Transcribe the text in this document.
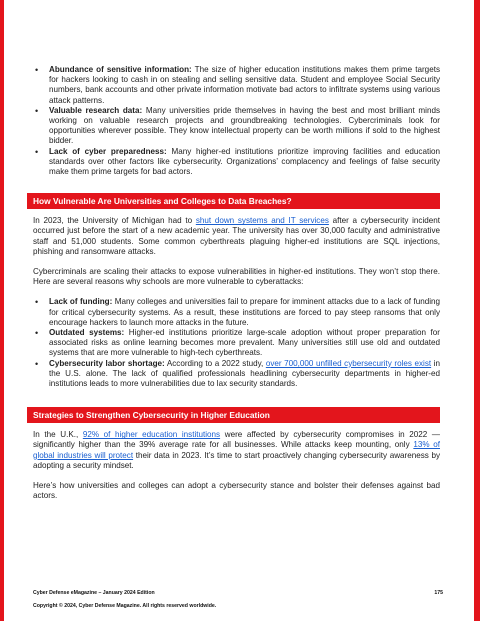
• Abundance of sensitive information: The size of higher education institutions makes them prime targets for hackers looking to cash in on stealing and selling sensitive data. Student and employee Social Security numbers, bank accounts and other private information motivate bad actors to infiltrate systems using various attack patterns.
• Valuable research data: Many universities pride themselves in having the best and most brilliant minds working on valuable research projects and groundbreaking technologies. Cybercriminals look for opportunities wherever possible. They know intellectual property can be worth millions if sold to the highest bidder.
• Lack of cyber preparedness: Many higher-ed institutions prioritize improving facilities and education standards over other factors like cybersecurity. Organizations’ complacency and feelings of false security make them prime targets for bad actors.
How Vulnerable Are Universities and Colleges to Data Breaches?

In 2023, the University of Michigan had to shut down systems and IT services after a cybersecurity incident occurred just before the start of a new academic year. The university has over 30,000 faculty and administrative staff and 51,000 students. Some common cyberthreats plaguing higher-ed institutions are SQL injections, phishing and ransomware attacks.

Cybercriminals are scaling their attacks to expose vulnerabilities in higher-ed institutions. They won’t stop there. Here are several reasons why schools are more vulnerable to cyberattacks:

• Lack of funding: Many colleges and universities fail to prepare for imminent attacks due to a lack of funding for critical cybersecurity systems. As a result, these institutions are forced to pay steep ransoms that only encourage hackers to launch more attacks in the future.
• Outdated systems: Higher-ed institutions prioritize large-scale adoption without proper preparation for associated risks as online learning becomes more prevalent. Many universities still use old and outdated systems that are more vulnerable to high-tech cyberthreats.
• Cybersecurity labor shortage: According to a 2022 study, over 700,000 unfilled cybersecurity roles exist in the U.S. alone. The lack of qualified professionals headlining cybersecurity departments in higher-ed institutions leads to more vulnerabilities due to lax security standards.
Strategies to Strengthen Cybersecurity in Higher Education

In the U.K., 92% of higher education institutions were affected by cybersecurity compromises in 2022 — significantly higher than the 39% average rate for all businesses. While attacks keep mounting, only 13% of global industries will protect their data in 2023. It’s time to start proactively changing cybersecurity awareness by adopting a security mindset.

Here’s how universities and colleges can adopt a cybersecurity stance and bolster their defenses against bad actors.

Cyber Defense eMagazine – January 2024 Edition	175
Copyright © 2024, Cyber Defense Magazine. All rights reserved worldwide.
